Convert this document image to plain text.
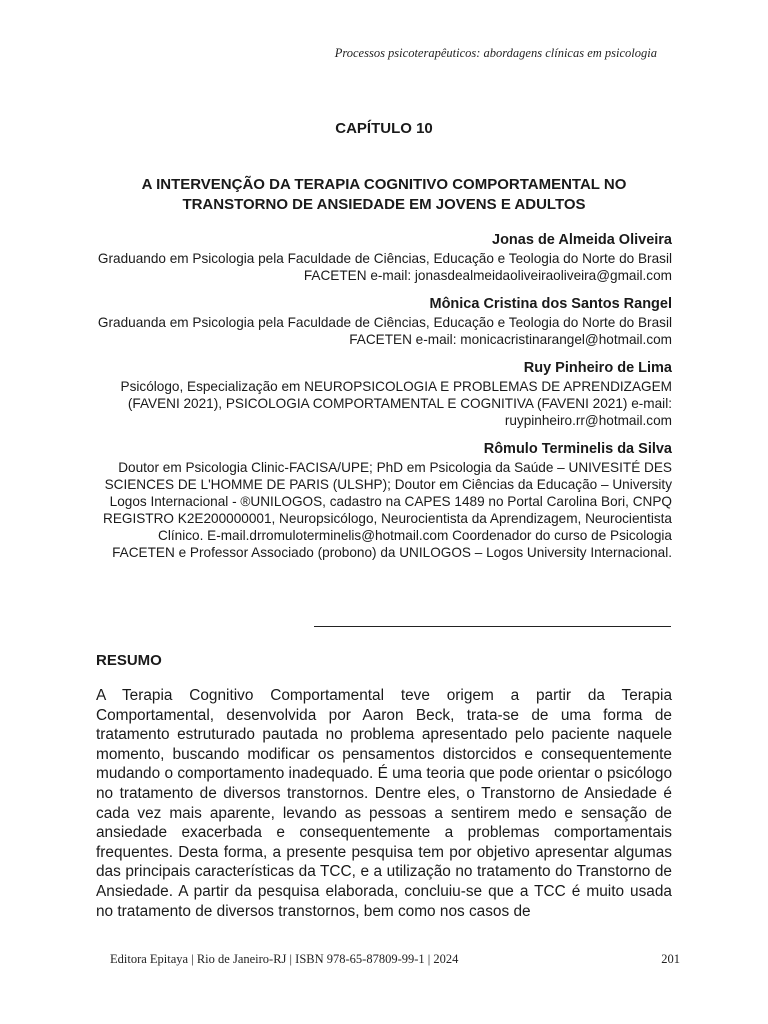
Processos psicoterapêuticos: abordagens clínicas em psicologia
CAPÍTULO 10
A INTERVENÇÃO DA TERAPIA COGNITIVO COMPORTAMENTAL NO TRANSTORNO DE ANSIEDADE EM JOVENS E ADULTOS
Jonas de Almeida Oliveira
Graduando em Psicologia pela Faculdade de Ciências, Educação e Teologia do Norte do Brasil FACETEN e-mail: jonasdealmeidaoliveiraoliveira@gmail.com
Mônica Cristina dos Santos Rangel
Graduanda em Psicologia pela Faculdade de Ciências, Educação e Teologia do Norte do Brasil FACETEN e-mail: monicacristinarangel@hotmail.com
Ruy Pinheiro de Lima
Psicólogo, Especialização em NEUROPSICOLOGIA E PROBLEMAS DE APRENDIZAGEM (FAVENI 2021), PSICOLOGIA COMPORTAMENTAL E COGNITIVA (FAVENI 2021) e-mail: ruypinheiro.rr@hotmail.com
Rômulo Terminelis da Silva
Doutor em Psicologia Clinic-FACISA/UPE; PhD em Psicologia da Saúde – UNIVESITÉ DES SCIENCES DE L'HOMME DE PARIS (ULSHP); Doutor em Ciências da Educação – University Logos Internacional - ®UNILOGOS, cadastro na CAPES 1489 no Portal Carolina Bori, CNPQ REGISTRO K2E200000001, Neuropsicólogo, Neurocientista da Aprendizagem, Neurocientista Clínico. E-mail.drromuloterminelis@hotmail.com Coordenador do curso de Psicologia FACETEN e Professor Associado (probono) da UNILOGOS – Logos University Internacional.
RESUMO

A Terapia Cognitivo Comportamental teve origem a partir da Terapia Comportamental, desenvolvida por Aaron Beck, trata-se de uma forma de tratamento estruturado pautada no problema apresentado pelo paciente naquele momento, buscando modificar os pensamentos distorcidos e consequentemente mudando o comportamento inadequado. É uma teoria que pode orientar o psicólogo no tratamento de diversos transtornos. Dentre eles, o Transtorno de Ansiedade é cada vez mais aparente, levando as pessoas a sentirem medo e sensação de ansiedade exacerbada e consequentemente a problemas comportamentais frequentes. Desta forma, a presente pesquisa tem por objetivo apresentar algumas das principais características da TCC, e a utilização no tratamento do Transtorno de Ansiedade. A partir da pesquisa elaborada, concluiu-se que a TCC é muito usada no tratamento de diversos transtornos, bem como nos casos de

Editora Epitaya | Rio de Janeiro-RJ | ISBN 978-65-87809-99-1 | 2024	201
